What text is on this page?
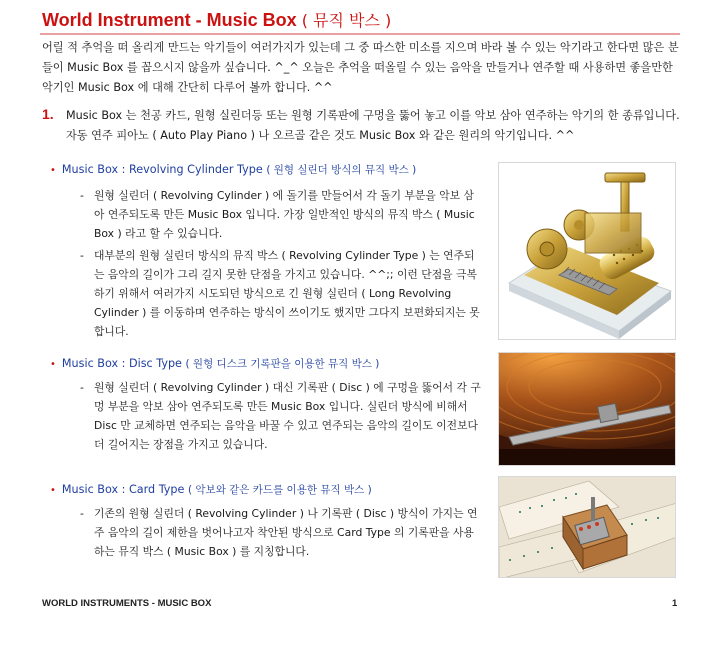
World Instrument - Music Box ( 뮤직 박스 )

어릴 적 추억을 떠 올리게 만드는 악기들이 여러가지가 있는데 그 중 따스한 미소를 지으며 바라 볼 수 있는 악기라고 한다면 많은 분들이 Music Box 를 꼽으시지 않을까 싶습니다. ^_^ 오늘은 추억을 떠올릴 수 있는 음악을 만들거나 연주할 때 사용하면 좋을만한 악기인 Music Box 에 대해 간단히 다루어 볼까 합니다. ^^

1. Music Box 는 천공 카드, 원형 실린더등 또는 원형 기록판에 구멍을 뚫어 놓고 이를 악보 삼아 연주하는 악기의 한 종류입니다. 자동 연주 피아노 ( Auto Play Piano ) 나 오르골 같은 것도 Music Box 와 같은 원리의 악기입니다. ^^

• Music Box : Revolving Cylinder Type ( 원형 실린더 방식의 뮤직 박스 )
- 원형 실린더 ( Revolving Cylinder ) 에 돌기를 만들어서 각 돌기 부분을 악보 삼아 연주되도록 만든 Music Box 입니다. 가장 일반적인 방식의 뮤직 박스 ( Music Box ) 라고 할 수 있습니다.
- 대부분의 원형 실린더 방식의 뮤직 박스 ( Revolving Cylinder Type ) 는 연주되는 음악의 길이가 그리 길지 못한 단점을 가지고 있습니다. ^^;; 이런 단점을 극복하기 위해서 여러가지 시도되던 방식으로 긴 원형 실린더 ( Long Revolving Cylinder ) 를 이동하며 연주하는 방식이 쓰이기도 했지만 그다지 보편화되지는 못합니다.
• Music Box : Disc Type ( 원형 디스크 기록판을 이용한 뮤직 박스 )
- 원형 실린더 ( Revolving Cylinder ) 대신 기록판 ( Disc ) 에 구멍을 뚫어서 각 구멍 부분을 악보 삼아 연주되도록 만든 Music Box 입니다. 실린더 방식에 비해서 Disc 만 교체하면 연주되는 음악을 바꿀 수 있고 연주되는 음악의 길이도 이전보다 더 길어지는 장점을 가지고 있습니다.
• Music Box : Card Type ( 악보와 같은 카드를 이용한 뮤직 박스 )
- 기존의 원형 실린더 ( Revolving Cylinder ) 나 기록판 ( Disc ) 방식이 가지는 연주 음악의 길이 제한을 벗어나고자 착안된 방식으로 Card Type 의 기록판을 사용하는 뮤직 박스 ( Music Box ) 를 지칭합니다.
WORLD INSTRUMENTS - MUSIC BOX	1
